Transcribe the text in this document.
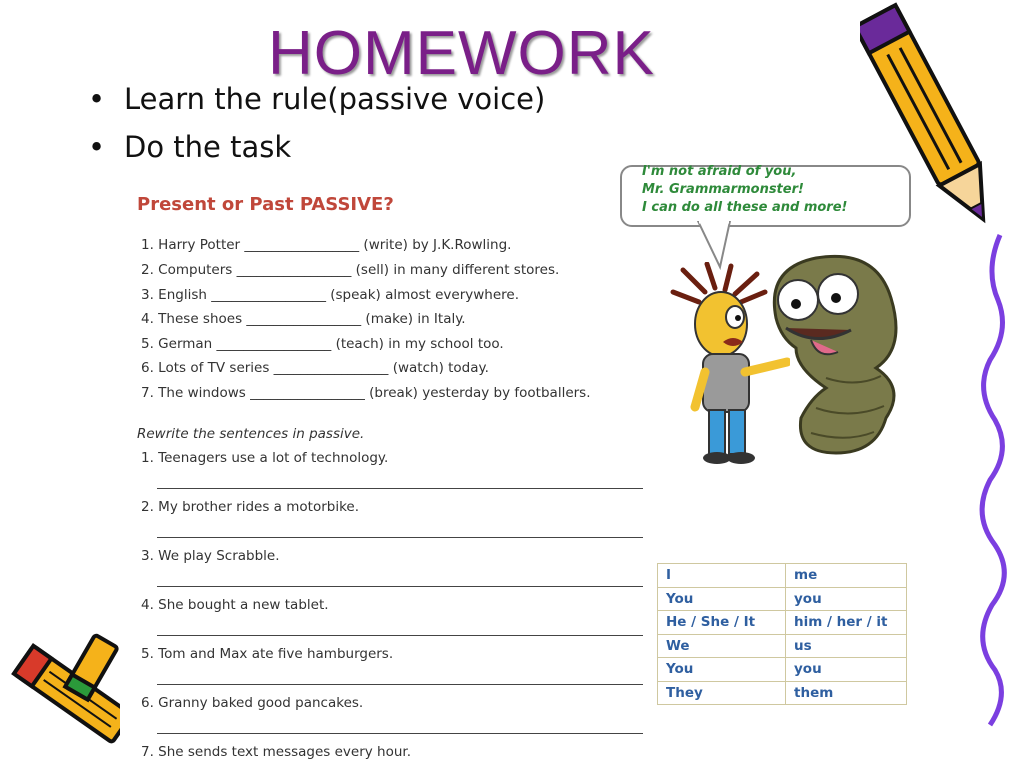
HOMEWORK
• Learn the rule(passive voice)
• Do the task
Present or Past PASSIVE?
1. Harry Potter _________________ (write) by J.K.Rowling.
2. Computers _________________ (sell) in many different stores.
3. English _________________ (speak) almost everywhere.
4. These shoes _________________ (make) in Italy.
5. German _________________ (teach) in my school too.
6. Lots of TV series _________________ (watch) today.
7. The windows _________________ (break) yesterday by footballers.
Rewrite the sentences in passive.
1. Teenagers use a lot of technology.
2. My brother rides a motorbike.
3. We play Scrabble.
4. She bought a new tablet.
5. Tom and Max ate five hamburgers.
6. Granny baked good pancakes.
7. She sends text messages every hour.
I'm not afraid of you,
Mr. Grammarmonster!
I can do all these and more!
I	me
You	you
He / She / It	him / her / it
We	us
You	you
They	them
